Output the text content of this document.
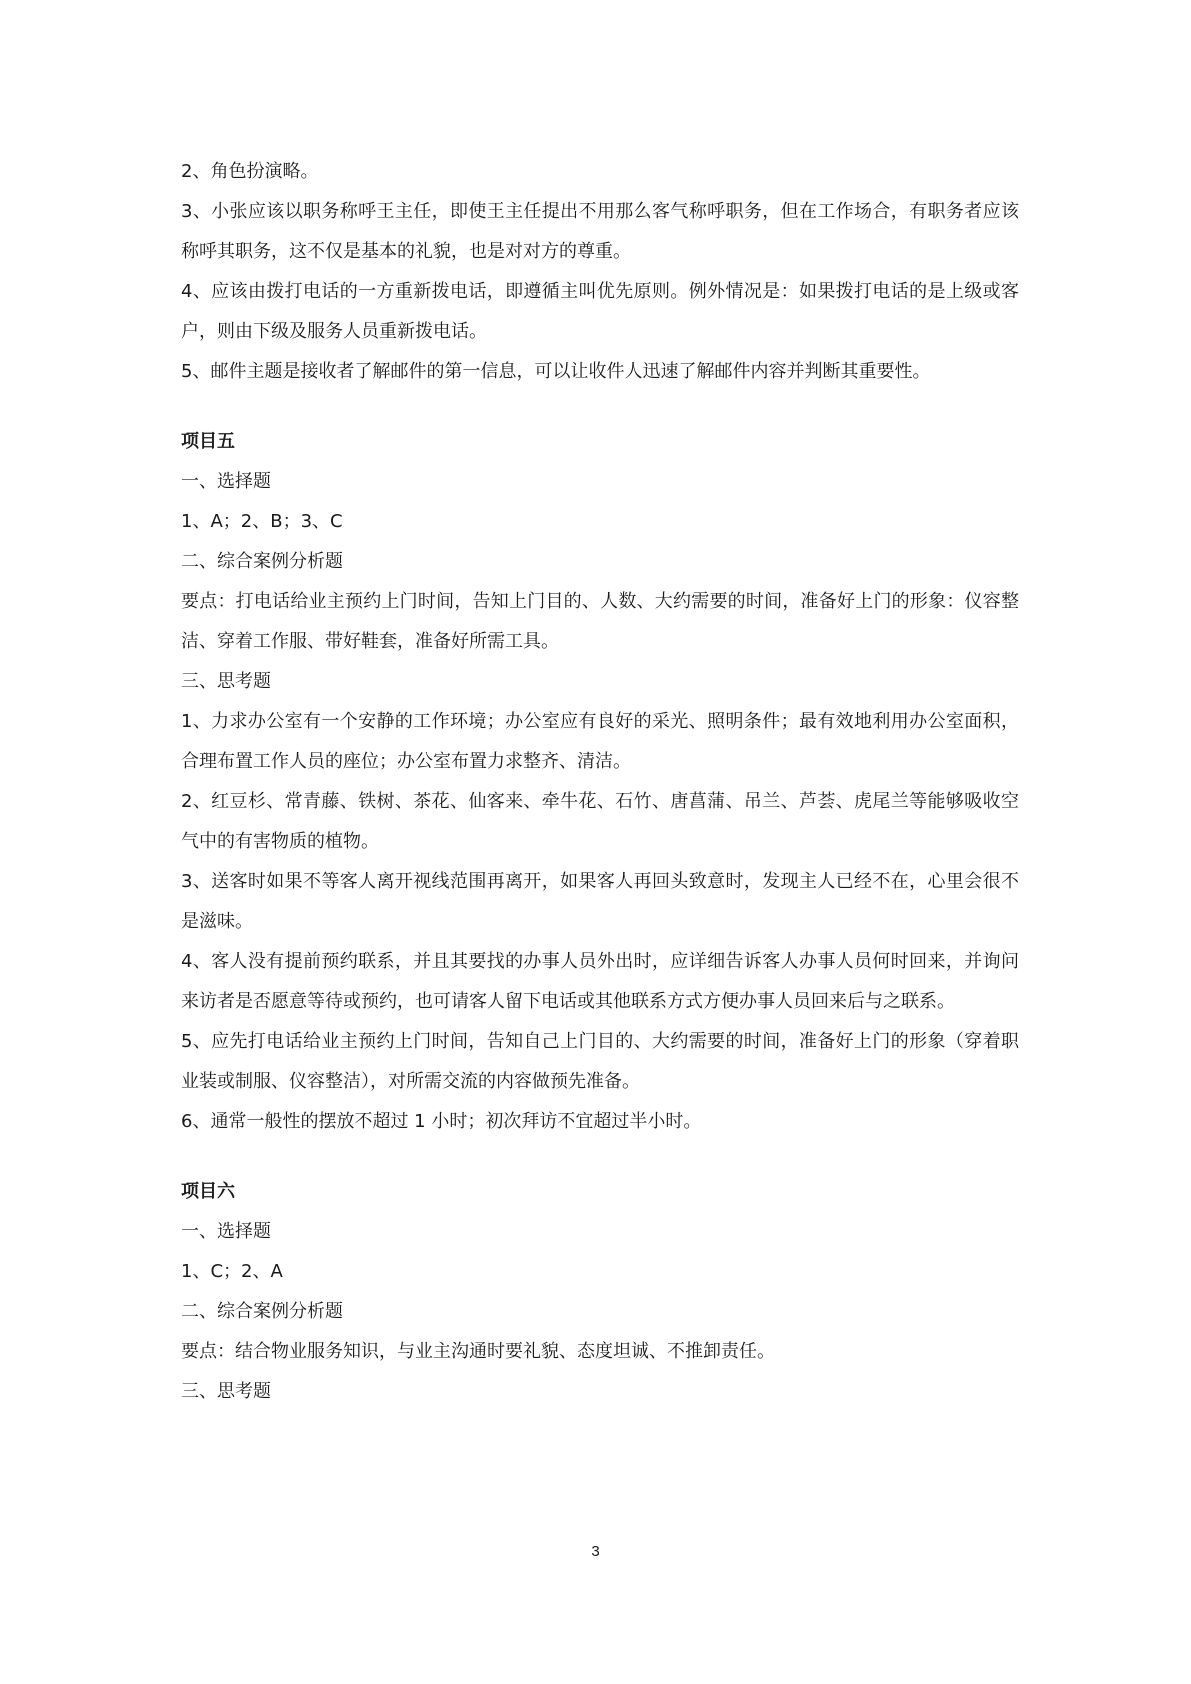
2、角色扮演略。

3、小张应该以职务称呼王主任，即使王主任提出不用那么客气称呼职务，但在工作场合，有职务者应该称呼其职务，这不仅是基本的礼貌，也是对对方的尊重。

4、应该由拨打电话的一方重新拨电话，即遵循主叫优先原则。例外情况是：如果拨打电话的是上级或客户，则由下级及服务人员重新拨电话。

5、邮件主题是接收者了解邮件的第一信息，可以让收件人迅速了解邮件内容并判断其重要性。

项目五

一、选择题

1、A；2、B；3、C

二、综合案例分析题

要点：打电话给业主预约上门时间，告知上门目的、人数、大约需要的时间，准备好上门的形象：仪容整洁、穿着工作服、带好鞋套，准备好所需工具。

三、思考题

1、力求办公室有一个安静的工作环境；办公室应有良好的采光、照明条件；最有效地利用办公室面积，合理布置工作人员的座位；办公室布置力求整齐、清洁。

2、红豆杉、常青藤、铁树、茶花、仙客来、牵牛花、石竹、唐菖蒲、吊兰、芦荟、虎尾兰等能够吸收空气中的有害物质的植物。

3、送客时如果不等客人离开视线范围再离开，如果客人再回头致意时，发现主人已经不在，心里会很不是滋味。

4、客人没有提前预约联系，并且其要找的办事人员外出时，应详细告诉客人办事人员何时回来，并询问来访者是否愿意等待或预约，也可请客人留下电话或其他联系方式方便办事人员回来后与之联系。

5、应先打电话给业主预约上门时间，告知自己上门目的、大约需要的时间，准备好上门的形象（穿着职业装或制服、仪容整洁），对所需交流的内容做预先准备。

6、通常一般性的摆放不超过 1 小时；初次拜访不宜超过半小时。

项目六

一、选择题

1、C；2、A

二、综合案例分析题

要点：结合物业服务知识，与业主沟通时要礼貌、态度坦诚、不推卸责任。

三、思考题

3
